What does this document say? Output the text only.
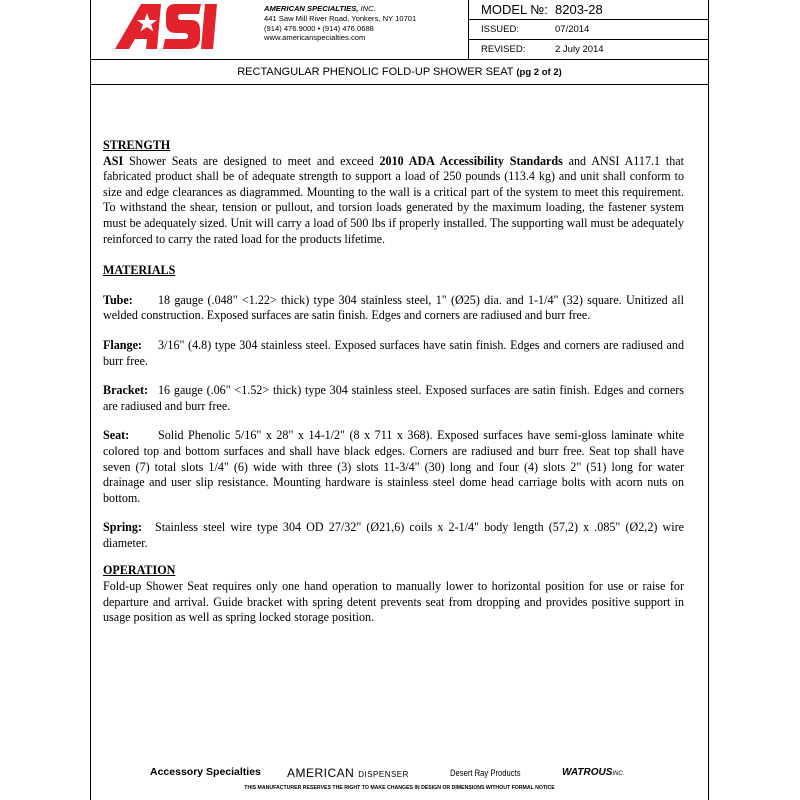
AMERICAN SPECIALTIES, INC.
441 Saw Mill River Road, Yonkers, NY 10701
(914) 476.9000 • (914) 476.0688
www.americanspecialties.com
MODEL №: 8203-28
ISSUED:	07/2014
REVISED:	2 July 2014
RECTANGULAR PHENOLIC FOLD-UP SHOWER SEAT (pg 2 of 2)
STRENGTH
ASI Shower Seats are designed to meet and exceed 2010 ADA Accessibility Standards and ANSI A117.1 that fabricated product shall be of adequate strength to support a load of 250 pounds (113.4 kg) and unit shall conform to size and edge clearances as diagrammed. Mounting to the wall is a critical part of the system to meet this requirement. To withstand the shear, tension or pullout, and torsion loads generated by the maximum loading, the fastener system must be adequately sized. Unit will carry a load of 500 lbs if properly installed. The supporting wall must be adequately reinforced to carry the rated load for the products lifetime.
MATERIALS
Tube:	18 gauge (.048" <1.22> thick) type 304 stainless steel, 1" (Ø25) dia. and 1-1/4" (32) square. Unitized all welded construction. Exposed surfaces are satin finish. Edges and corners are radiused and burr free.
Flange:	3/16" (4.8) type 304 stainless steel. Exposed surfaces have satin finish. Edges and corners are radiused and burr free.
Bracket: 16 gauge (.06" <1.52> thick) type 304 stainless steel. Exposed surfaces are satin finish. Edges and corners are radiused and burr free.
Seat:	Solid Phenolic 5/16" x 28" x 14-1/2" (8 x 711 x 368). Exposed surfaces have semi-gloss laminate white colored top and bottom surfaces and shall have black edges. Corners are radiused and burr free. Seat top shall have seven (7) total slots 1/4" (6) wide with three (3) slots 11-3/4" (30) long and four (4) slots 2" (51) long for water drainage and user slip resistance. Mounting hardware is stainless steel dome head carriage bolts with acorn nuts on bottom.
Spring:	Stainless steel wire type 304 OD 27/32" (Ø21,6) coils x 2-1/4" body length (57,2) x .085" (Ø2,2) wire diameter.
OPERATION
Fold-up Shower Seat requires only one hand operation to manually lower to horizontal position for use or raise for departure and arrival. Guide bracket with spring detent prevents seat from dropping and provides positive support in usage position as well as spring locked storage position.
Accessory Specialties AMERICAN DISPENSER	Desert Ray Products	WATROUSINC.
THIS MANUFACTURER RESERVES THE RIGHT TO MAKE CHANGES IN DESIGN OR DIMENSIONS WITHOUT FORMAL NOTICE
